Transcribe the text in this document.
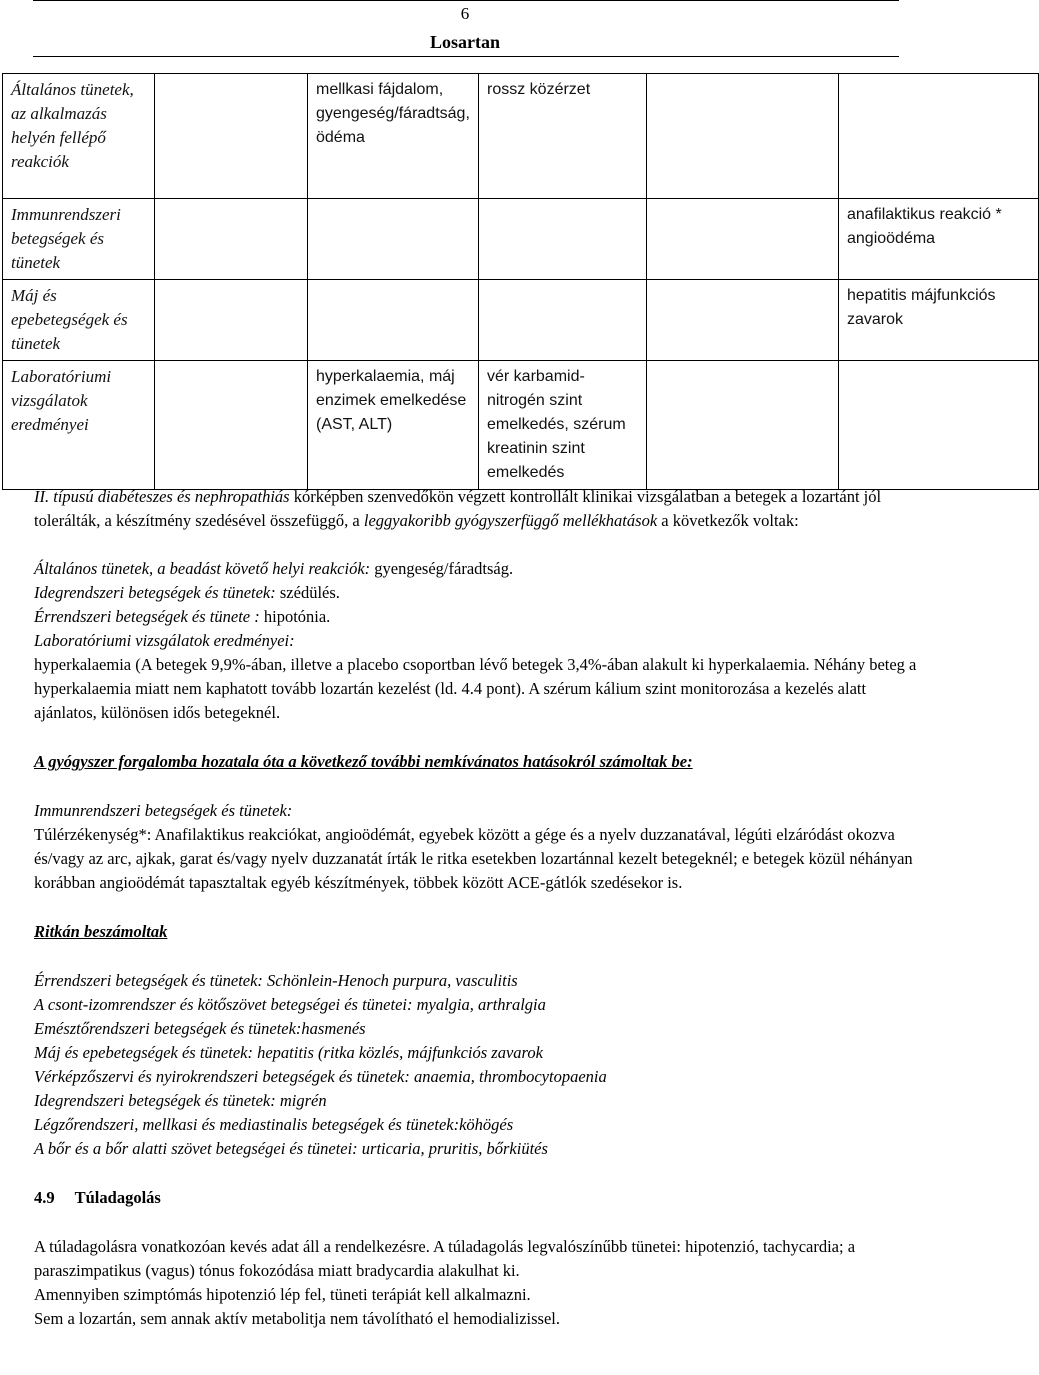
6
Losartan
Általános tünetek, az alkalmazás helyén fellépő reakciók		mellkasi fájdalom, gyengeség/fáradtság, ödéma	rossz közérzet		
Immunrendszeri betegségek és tünetek					anafilaktikus reakció * angioödéma
Máj és epebetegségek és tünetek					hepatitis májfunkciós zavarok
Laboratóriumi vizsgálatok eredményei		hyperkalaemia, máj enzimek emelkedése (AST, ALT)	vér karbamid-nitrogén szint emelkedés, szérum kreatinin szint emelkedés		

II. típusú diabéteszes és nephropathiás kórképben szenvedőkön végzett kontrollált klinikai vizsgálatban a betegek a lozartánt jól tolerálták, a készítmény szedésével összefüggő, a leggyakoribb gyógyszerfüggő mellékhatások a következők voltak:

Általános tünetek, a beadást követő helyi reakciók: gyengeség/fáradtság.

Idegrendszeri betegségek és tünetek: szédülés.

Érrendszeri betegségek és tünete : hipotónia.

Laboratóriumi vizsgálatok eredményei:

hyperkalaemia (A betegek 9,9%-ában, illetve a placebo csoportban lévő betegek 3,4%-ában alakult ki hyperkalaemia. Néhány beteg a hyperkalaemia miatt nem kaphatott tovább lozartán kezelést (ld. 4.4 pont). A szérum kálium szint monitorozása a kezelés alatt ajánlatos, különösen idős betegeknél.

A gyógyszer forgalomba hozatala óta a következő további nemkívánatos hatásokról számoltak be:

Immunrendszeri betegségek és tünetek:

Túlérzékenység*: Anafilaktikus reakciókat, angioödémát, egyebek között a gége és a nyelv duzzanatával, légúti elzáródást okozva és/vagy az arc, ajkak, garat és/vagy nyelv duzzanatát írták le ritka esetekben lozartánnal kezelt betegeknél; e betegek közül néhányan korábban angioödémát tapasztaltak egyéb készítmények, többek között ACE-gátlók szedésekor is.

Ritkán beszámoltak

Érrendszeri betegségek és tünetek: Schönlein-Henoch purpura, vasculitis

A csont-izomrendszer és kötőszövet betegségei és tünetei: myalgia, arthralgia

Emésztőrendszeri betegségek és tünetek:hasmenés

Máj és epebetegségek és tünetek: hepatitis (ritka közlés, májfunkciós zavarok

Vérképzőszervi és nyirokrendszeri betegségek és tünetek: anaemia, thrombocytopaenia

Idegrendszeri betegségek és tünetek: migrén

Légzőrendszeri, mellkasi és mediastinalis betegségek és tünetek:köhögés

A bőr és a bőr alatti szövet betegségei és tünetei: urticaria, pruritis, bőrkiütés

4.9 Túladagolás

A túladagolásra vonatkozóan kevés adat áll a rendelkezésre. A túladagolás legvalószínűbb tünetei: hipotenzió, tachycardia; a paraszimpatikus (vagus) tónus fokozódása miatt bradycardia alakulhat ki.

Amennyiben szimptómás hipotenzió lép fel, tüneti terápiát kell alkalmazni.

Sem a lozartán, sem annak aktív metabolitja nem távolítható el hemodializissel.
